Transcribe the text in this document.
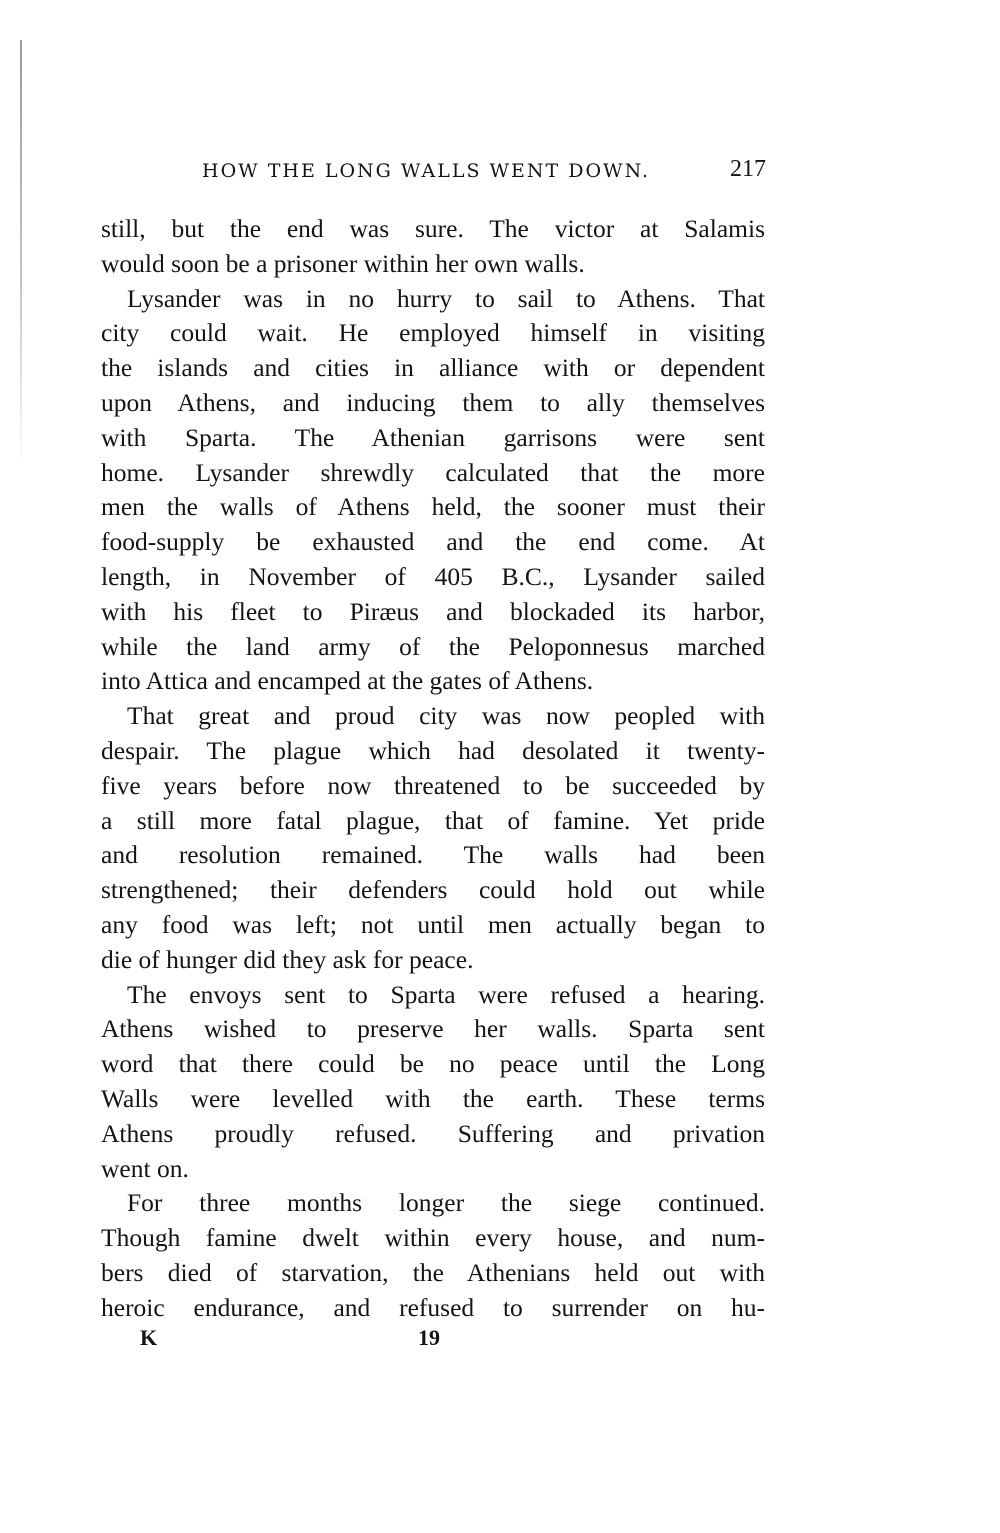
HOW THE LONG WALLS WENT DOWN.	217
still, but the end was sure. The victor at Salamis
would soon be a prisoner within her own walls.
Lysander was in no hurry to sail to Athens. That
city could wait. He employed himself in visiting
the islands and cities in alliance with or dependent
upon Athens, and inducing them to ally themselves
with Sparta. The Athenian garrisons were sent
home. Lysander shrewdly calculated that the more
men the walls of Athens held, the sooner must their
food-supply be exhausted and the end come. At
length, in November of 405 B.C., Lysander sailed
with his fleet to Piræus and blockaded its harbor,
while the land army of the Peloponnesus marched
into Attica and encamped at the gates of Athens.
That great and proud city was now peopled with
despair. The plague which had desolated it twenty-
five years before now threatened to be succeeded by
a still more fatal plague, that of famine. Yet pride
and resolution remained. The walls had been
strengthened; their defenders could hold out while
any food was left; not until men actually began to
die of hunger did they ask for peace.
The envoys sent to Sparta were refused a hearing.
Athens wished to preserve her walls. Sparta sent
word that there could be no peace until the Long
Walls were levelled with the earth. These terms
Athens proudly refused. Suffering and privation
went on.
For three months longer the siege continued.
Though famine dwelt within every house, and num-
bers died of starvation, the Athenians held out with
heroic endurance, and refused to surrender on hu-
K	19
